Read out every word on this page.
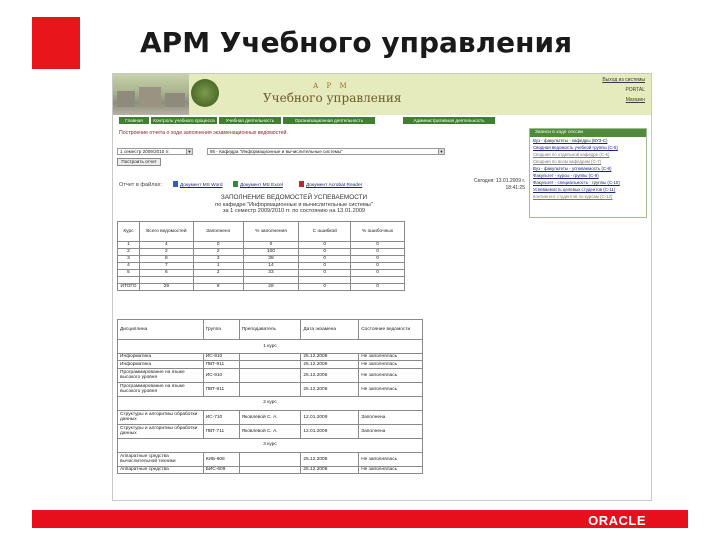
АРМ Учебного управления
А Р М
Учебного управления
Выход из системы
PORTAL
Магазин
Главная	Контроль учебного процесса	Учебная деятельность	Организационная деятельность	Административная деятельность
Построение отчета о ходе заполнения экзаменационных ведомостей.
1 семестр 2009/2010 гг.	▼	86 - Кафедра "Информационные и вычислительные системы"	▼
Построить отчет
Отчет в файлах:	Документ MS Word	Документ MS Excel	Документ Acrobat Reader
Сегодня: 13.01.2009 г.
18:41:25
ЗАПОЛНЕНИЕ ВЕДОМОСТЕЙ УСПЕВАЕМОСТИ
по кафедре "Информационные и вычислительные системы"
за 1 семестр 2009/2010 гг. по состоянию на 13.01.2009
Записи в ходе сессии
Вуз - факультеты - кафедры (ВУЗ-С)
Сводная ведомость учебной группы (С-5)
Сводная по отдельной кафедре (С-6)
Сводная по всем кафедрам (С-7)
Вуз - факультеты - успеваемость (С-8)
Факультет - курсы - группы (С-9)
Факультет - специальность - группы (С-10)
Успеваемость целевых студентов (С-11)
Контингент студентов по курсам (С-12)
Курс	Всего ведомостей	Заполнено	% заполнения	С ошибкой	% ошибочных
1	4	0	0	0	0
2	2	2	100	0	0
3	8	3	38	0	0
4	7	1	14	0	0
5	6	2	33	0	0

ИТОГО	29	8	28	0	0
Дисциплина	Группа	Преподаватель	Дата экзамена	Состояние ведомости
1 курс				
Информатика	ИС-910		25.12.2008	Не заполнялась
Информатика	ПВТ-911		25.12.2008	Не заполнялась
Программирование на языке высокого уровня	ИС-910		25.12.2008	Не заполнялась
Программирование на языке высокого уровня	ПВТ-911		25.12.2008	Не заполнялась
2 курс				
Структуры и алгоритмы обработки данных	ИС-710	Яковлевой С. А.	12.01.2009	Заполнена
Структуры и алгоритмы обработки данных	ПВТ-711	Яковлевой С. А.	12.01.2009	Заполнена
3 курс				
Аппаратные средства вычислительной техники	КИБ-608		25.12.2008	Не заполнялась
Аппаратные средства	БИС-609		25.12.2008	Не заполнялась
ORACLE
